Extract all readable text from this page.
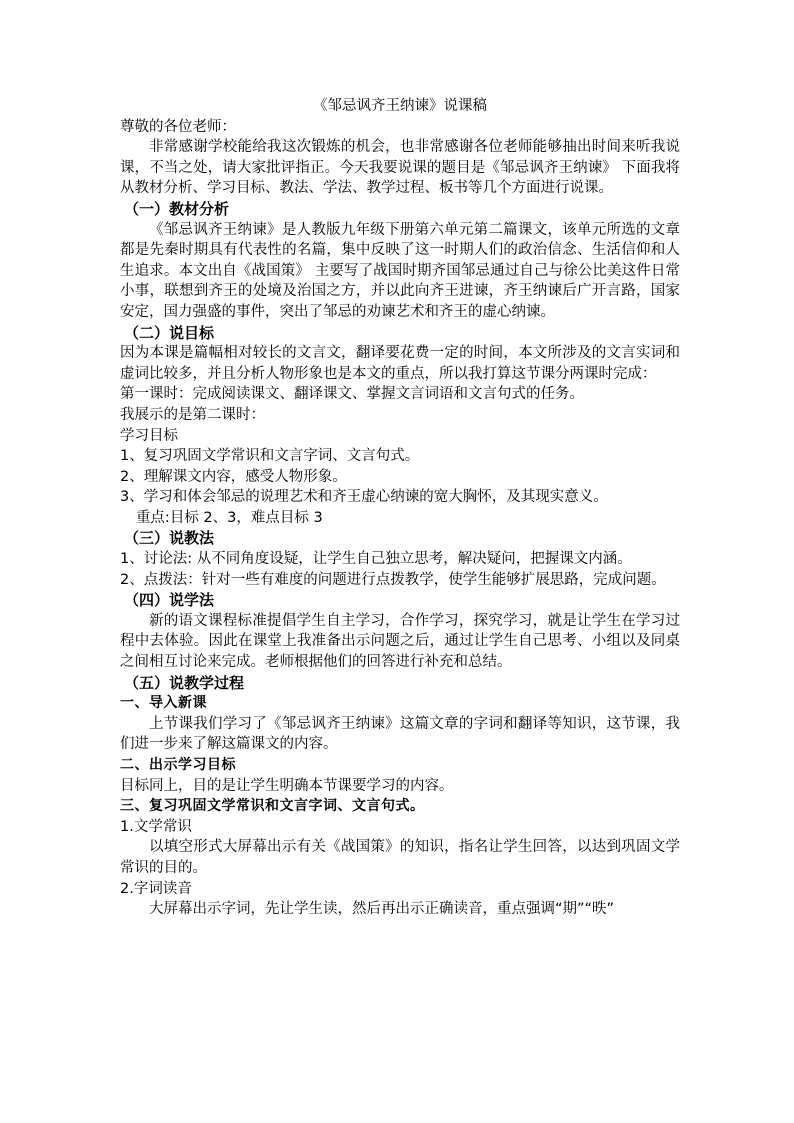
《邹忌讽齐王纳谏》说课稿

尊敬的各位老师：

非常感谢学校能给我这次锻炼的机会，也非常感谢各位老师能够抽出时间来听我说课，不当之处，请大家批评指正。今天我要说课的题目是《邹忌讽齐王纳谏》 下面我将从教材分析、学习目标、教法、学法、教学过程、板书等几个方面进行说课。

（一）教材分析

《邹忌讽齐王纳谏》是人教版九年级下册第六单元第二篇课文，该单元所选的文章都是先秦时期具有代表性的名篇，集中反映了这一时期人们的政治信念、生活信仰和人生追求。本文出自《战国策》 主要写了战国时期齐国邹忌通过自己与徐公比美这件日常小事，联想到齐王的处境及治国之方，并以此向齐王进谏，齐王纳谏后广开言路，国家安定，国力强盛的事件，突出了邹忌的劝谏艺术和齐王的虚心纳谏。

（二）说目标

因为本课是篇幅相对较长的文言文，翻译要花费一定的时间，本文所涉及的文言实词和虚词比较多，并且分析人物形象也是本文的重点，所以我打算这节课分两课时完成：

第一课时：完成阅读课文、翻译课文、掌握文言词语和文言句式的任务。

我展示的是第二课时：

学习目标

1、复习巩固文学常识和文言字词、文言句式。

2、理解课文内容，感受人物形象。

3、学习和体会邹忌的说理艺术和齐王虚心纳谏的宽大胸怀，及其现实意义。

重点:目标 2、3，难点目标 3

（三）说教法

1、讨论法: 从不同角度设疑，让学生自己独立思考，解决疑问，把握课文内涵。

2、点拨法：针对一些有难度的问题进行点拨教学，使学生能够扩展思路，完成问题。

（四）说学法

新的语文课程标准提倡学生自主学习，合作学习，探究学习，就是让学生在学习过程中去体验。因此在课堂上我准备出示问题之后，通过让学生自己思考、小组以及同桌之间相互讨论来完成。老师根据他们的回答进行补充和总结。

（五）说教学过程

一、导入新课

上节课我们学习了《邹忌讽齐王纳谏》这篇文章的字词和翻译等知识，这节课，我们进一步来了解这篇课文的内容。

二、出示学习目标

目标同上，目的是让学生明确本节课要学习的内容。

三、复习巩固文学常识和文言字词、文言句式。

1.文学常识

以填空形式大屏幕出示有关《战国策》的知识，指名让学生回答，以达到巩固文学常识的目的。

2.字词读音

大屏幕出示字词，先让学生读，然后再出示正确读音，重点强调“期”“昳”
